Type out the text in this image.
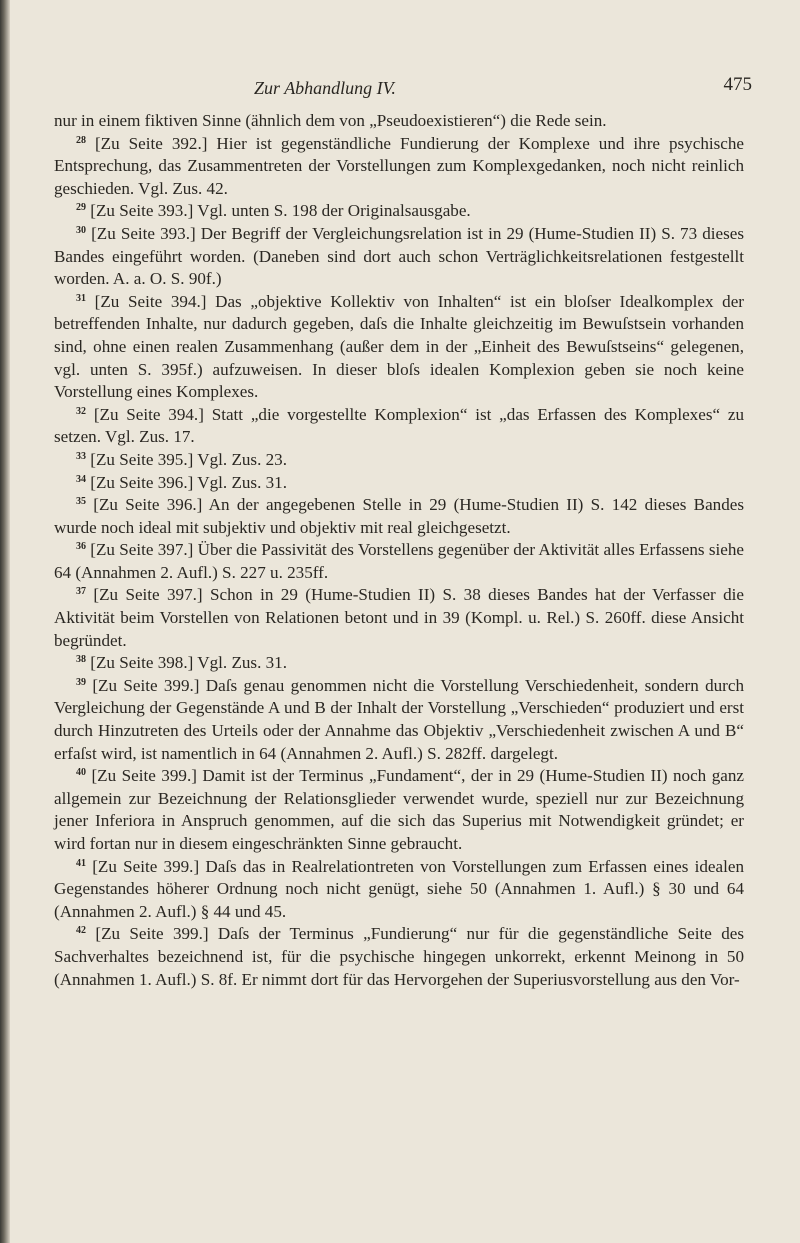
Zur Abhandlung IV.	475

nur in einem fiktiven Sinne (ähnlich dem von „Pseudoexistieren“) die Rede sein.

$^{28}$ [Zu Seite 392.] Hier ist gegenständliche Fundierung der Komplexe und ihre psychische Entsprechung, das Zusammentreten der Vorstellungen zum Komplexgedanken, noch nicht reinlich geschieden. Vgl. Zus. 42.

$^{29}$ [Zu Seite 393.] Vgl. unten S. 198 der Originalsausgabe.

$^{30}$ [Zu Seite 393.] Der Begriff der Vergleichungsrelation ist in 29 (Hume-Studien II) S. 73 dieses Bandes eingeführt worden. (Daneben sind dort auch schon Verträglichkeitsrelationen festgestellt worden. A. a. O. S. 90f.)

$^{31}$ [Zu Seite 394.] Das „objektive Kollektiv von Inhalten“ ist ein bloſser Idealkomplex der betreffenden Inhalte, nur dadurch gegeben, daſs die Inhalte gleichzeitig im Bewuſstsein vorhanden sind, ohne einen realen Zusammenhang (außer dem in der „Einheit des Bewuſstseins“ gelegenen, vgl. unten S. 395f.) aufzuweisen. In dieser bloſs idealen Komplexion geben sie noch keine Vorstellung eines Komplexes.

$^{32}$ [Zu Seite 394.] Statt „die vorgestellte Komplexion“ ist „das Erfassen des Komplexes“ zu setzen. Vgl. Zus. 17.

$^{33}$ [Zu Seite 395.] Vgl. Zus. 23.

$^{34}$ [Zu Seite 396.] Vgl. Zus. 31.

$^{35}$ [Zu Seite 396.] An der angegebenen Stelle in 29 (Hume-Studien II) S. 142 dieses Bandes wurde noch ideal mit subjektiv und objektiv mit real gleichgesetzt.

$^{36}$ [Zu Seite 397.] Über die Passivität des Vorstellens gegenüber der Aktivität alles Erfassens siehe 64 (Annahmen 2. Aufl.) S. 227 u. 235ff.

$^{37}$ [Zu Seite 397.] Schon in 29 (Hume-Studien II) S. 38 dieses Bandes hat der Verfasser die Aktivität beim Vorstellen von Relationen betont und in 39 (Kompl. u. Rel.) S. 260ff. diese Ansicht begründet.

$^{38}$ [Zu Seite 398.] Vgl. Zus. 31.

$^{39}$ [Zu Seite 399.] Daſs genau genommen nicht die Vorstellung Verschiedenheit, sondern durch Vergleichung der Gegenstände A und B der Inhalt der Vorstellung „Verschieden“ produziert und erst durch Hinzutreten des Urteils oder der Annahme das Objektiv „Verschiedenheit zwischen A und B“ erfaſst wird, ist namentlich in 64 (Annahmen 2. Aufl.) S. 282ff. dargelegt.

$^{40}$ [Zu Seite 399.] Damit ist der Terminus „Fundament“, der in 29 (Hume-Studien II) noch ganz allgemein zur Bezeichnung der Relationsglieder verwendet wurde, speziell nur zur Bezeichnung jener Inferiora in Anspruch genommen, auf die sich das Superius mit Notwendigkeit gründet; er wird fortan nur in diesem eingeschränkten Sinne gebraucht.

$^{41}$ [Zu Seite 399.] Daſs das in Realrelationtreten von Vorstellungen zum Erfassen eines idealen Gegenstandes höherer Ordnung noch nicht genügt, siehe 50 (Annahmen 1. Aufl.) § 30 und 64 (Annahmen 2. Aufl.) § 44 und 45.

$^{42}$ [Zu Seite 399.] Daſs der Terminus „Fundierung“ nur für die gegenständliche Seite des Sachverhaltes bezeichnend ist, für die psychische hingegen unkorrekt, erkennt Meinong in 50 (Annahmen 1. Aufl.) S. 8f. Er nimmt dort für das Hervorgehen der Superiusvorstellung aus den Vor-
